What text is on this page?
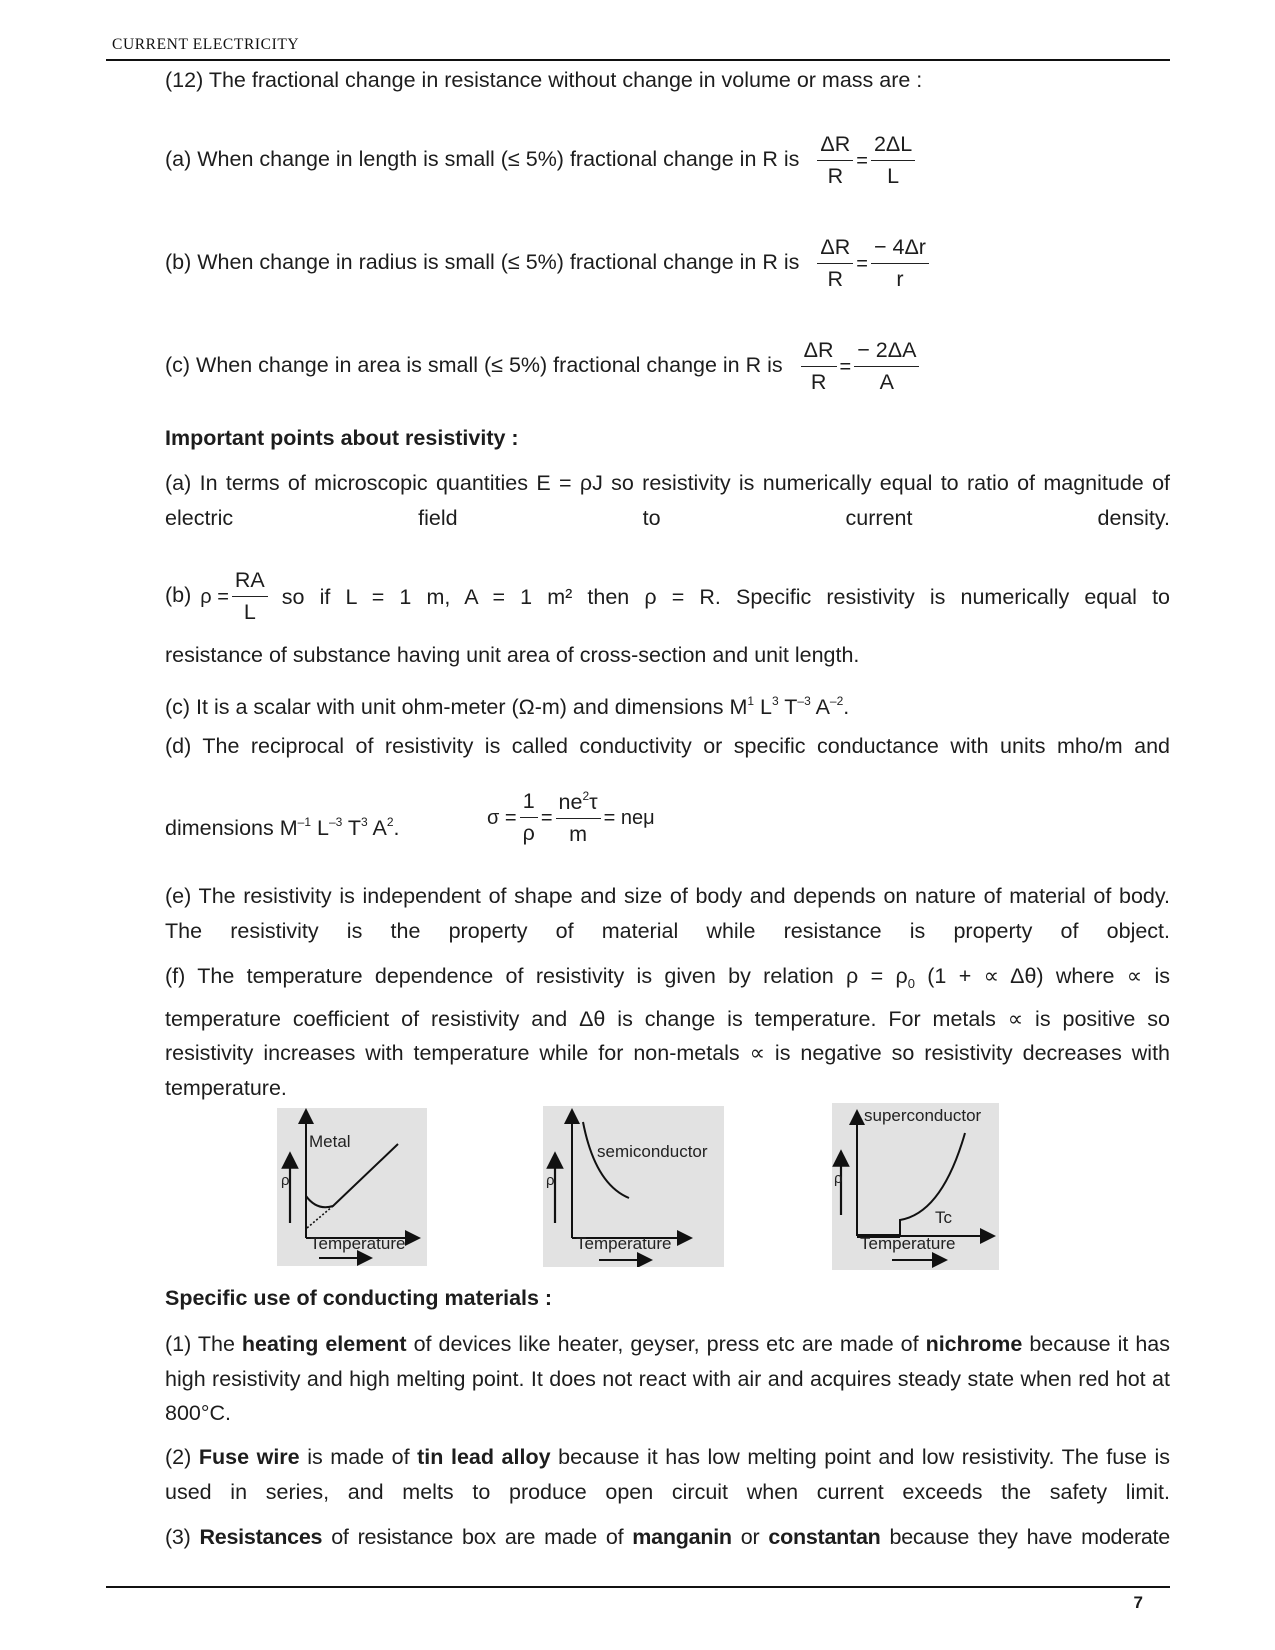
CURRENT ELECTRICITY
(12) The fractional change in resistance without change in volume or mass are :
(a) When change in length is small (≤ 5%) fractional change in R is $\frac{\Delta R}{R} = \frac{2\Delta L}{L}$
(b) When change in radius is small (≤ 5%) fractional change in R is $\frac{\Delta R}{R} = \frac{- 4\Delta r}{r}$
(c) When change in area is small (≤ 5%) fractional change in R is $\frac{\Delta R}{R} = \frac{- 2\Delta A}{A}$
Important points about resistivity :
(a) In terms of microscopic quantities E = ρJ so resistivity is numerically equal to ratio of magnitude of electric field to current density.
(b) $\rho = \frac{RA}{L}$ so if L = 1 m, A = 1 m² then ρ = R. Specific resistivity is numerically equal to
resistance of substance having unit area of cross-section and unit length.
(c) It is a scalar with unit ohm-meter (Ω-m) and dimensions $M^1$ $L^3$ $T^{-3}$ $A^{-2}$.
(d) The reciprocal of resistivity is called conductivity or specific conductance with units mho/m and
dimensions $M^{-1}$ $L^{-3}$ $T^3$ $A^2$.	$\sigma = \frac{1}{\rho} = \frac{ne^2\tau}{m} = ne\mu$
(e) The resistivity is independent of shape and size of body and depends on nature of material of body. The resistivity is the property of material while resistance is property of object.
(f) The temperature dependence of resistivity is given by relation $\rho = \rho_0$ (1 + ∝ Δθ) where ∝ is temperature coefficient of resistivity and Δθ is change is temperature. For metals ∝ is positive so resistivity increases with temperature while for non-metals ∝ is negative so resistivity decreases with temperature.
Metal
ρ
Temperature
semiconductor
ρ
Temperature
superconductor
ρ
Tc
Temperature
Specific use of conducting materials :
(1) The heating element of devices like heater, geyser, press etc are made of nichrome because it has high resistivity and high melting point. It does not react with air and acquires steady state when red hot at 800°C.
(2) Fuse wire is made of tin lead alloy because it has low melting point and low resistivity. The fuse is used in series, and melts to produce open circuit when current exceeds the safety limit.
(3) Resistances of resistance box are made of manganin or constantan because they have moderate
7
